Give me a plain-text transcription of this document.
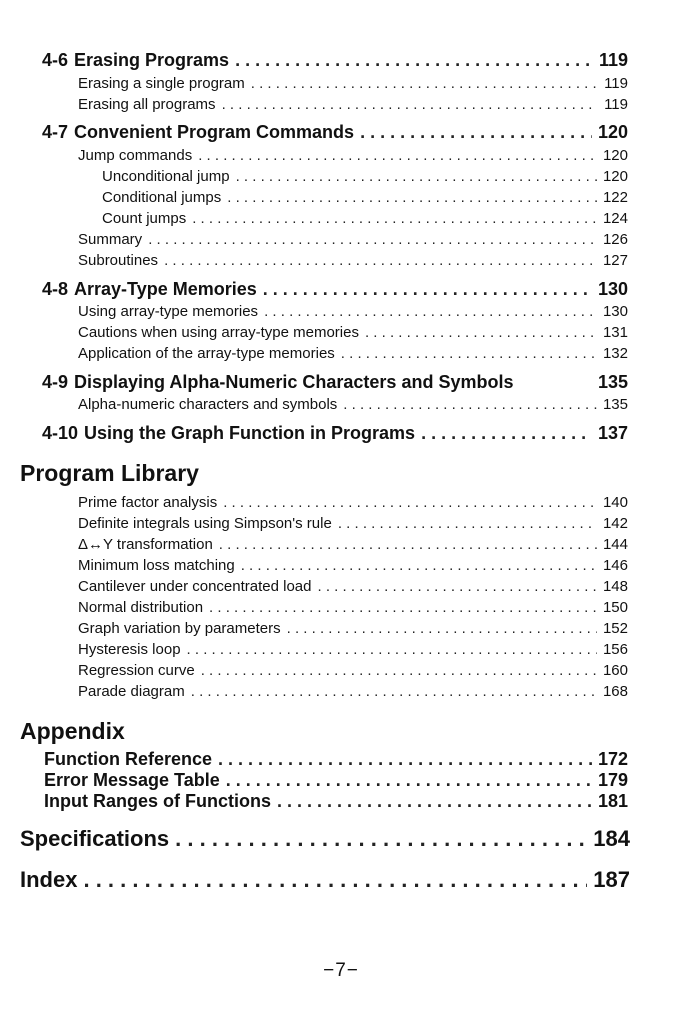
4-6 Erasing Programs . . .	119
Erasing a single program . . .	119
Erasing all programs . . .	119
4-7 Convenient Program Commands . . .	120
Jump commands . . .	120
Unconditional jump . . .	120
Conditional jumps . . .	122
Count jumps . . .	124
Summary . . .	126
Subroutines . . .	127
4-8 Array-Type Memories . . .	130
Using array-type memories . . .	130
Cautions when using array-type memories . . .	131
Application of the array-type memories . . .	132
4-9 Displaying Alpha-Numeric Characters and Symbols	135
Alpha-numeric characters and symbols . . .	135
4-10 Using the Graph Function in Programs . . .	137
Program Library
Prime factor analysis . . .	140
Definite integrals using Simpson's rule . . .	142
Δ↔Y transformation . . .	144
Minimum loss matching . . .	146
Cantilever under concentrated load . . .	148
Normal distribution . . .	150
Graph variation by parameters . . .	152
Hysteresis loop . . .	156
Regression curve . . .	160
Parade diagram . . .	168
Appendix
Function Reference . . .	172
Error Message Table . . .	179
Input Ranges of Functions . . .	181
Specifications . . .	184
Index . . .	187
−7−
